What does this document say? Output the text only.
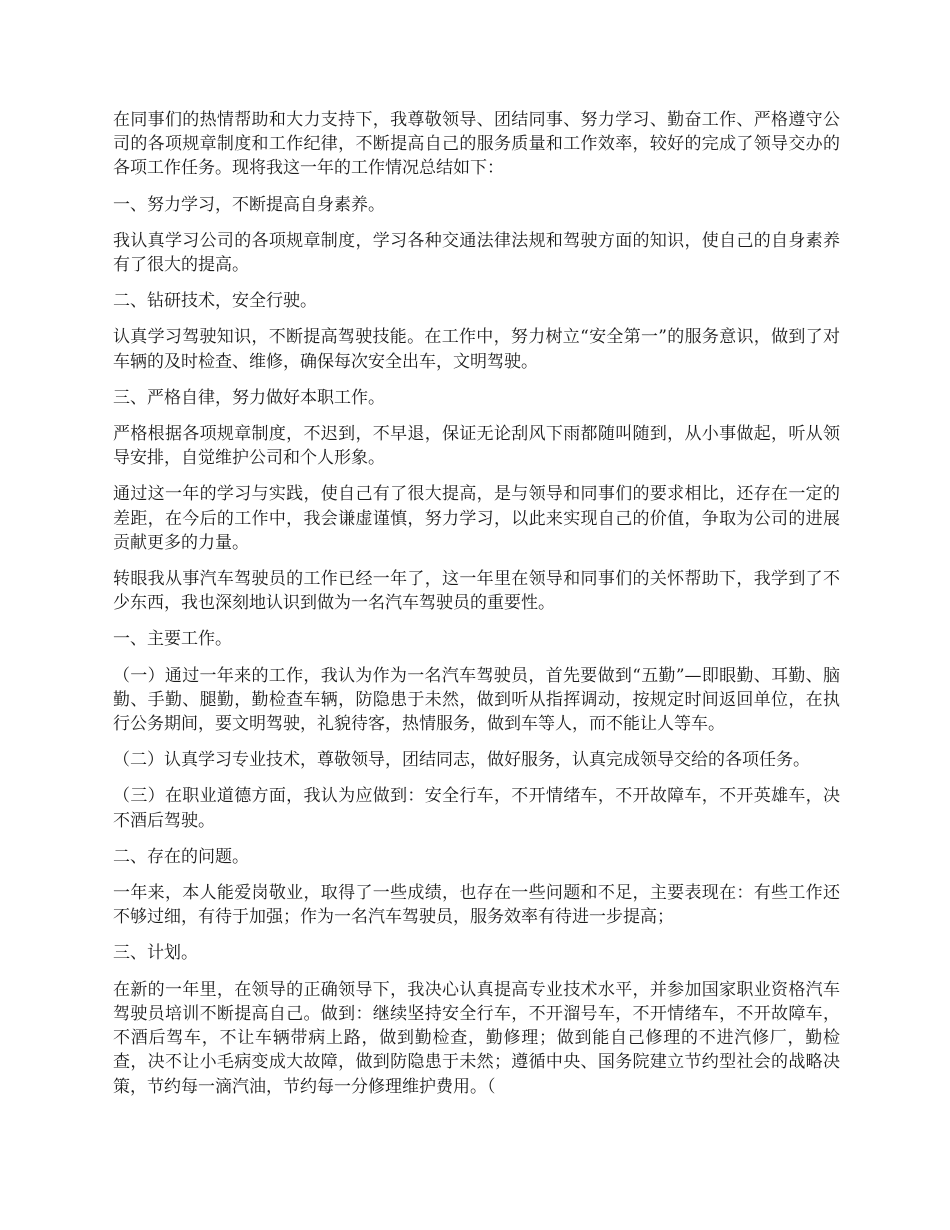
在同事们的热情帮助和大力支持下，我尊敬领导、团结同事、努力学习、勤奋工作、严格遵守公司的各项规章制度和工作纪律，不断提高自己的服务质量和工作效率，较好的完成了领导交办的各项工作任务。现将我这一年的工作情况总结如下：

一、努力学习，不断提高自身素养。

我认真学习公司的各项规章制度，学习各种交通法律法规和驾驶方面的知识，使自己的自身素养有了很大的提高。

二、钻研技术，安全行驶。

认真学习驾驶知识，不断提高驾驶技能。在工作中，努力树立“安全第一”的服务意识，做到了对车辆的及时检查、维修，确保每次安全出车，文明驾驶。

三、严格自律，努力做好本职工作。

严格根据各项规章制度，不迟到，不早退，保证无论刮风下雨都随叫随到，从小事做起，听从领导安排，自觉维护公司和个人形象。

通过这一年的学习与实践，使自己有了很大提高，是与领导和同事们的要求相比，还存在一定的差距，在今后的工作中，我会谦虚谨慎，努力学习，以此来实现自己的价值，争取为公司的进展贡献更多的力量。

转眼我从事汽车驾驶员的工作已经一年了，这一年里在领导和同事们的关怀帮助下，我学到了不少东西，我也深刻地认识到做为一名汽车驾驶员的重要性。

一、主要工作。

（一）通过一年来的工作，我认为作为一名汽车驾驶员，首先要做到“五勤”—即眼勤、耳勤、脑勤、手勤、腿勤，勤检查车辆，防隐患于未然，做到听从指挥调动，按规定时间返回单位，在执行公务期间，要文明驾驶，礼貌待客，热情服务，做到车等人，而不能让人等车。

（二）认真学习专业技术，尊敬领导，团结同志，做好服务，认真完成领导交给的各项任务。

（三）在职业道德方面，我认为应做到：安全行车，不开情绪车，不开故障车，不开英雄车，决不酒后驾驶。

二、存在的问题。

一年来，本人能爱岗敬业，取得了一些成绩，也存在一些问题和不足，主要表现在：有些工作还不够过细，有待于加强；作为一名汽车驾驶员，服务效率有待进一步提高；

三、计划。

在新的一年里，在领导的正确领导下，我决心认真提高专业技术水平，并参加国家职业资格汽车驾驶员培训不断提高自己。做到：继续坚持安全行车，不开溜号车，不开情绪车，不开故障车，不酒后驾车，不让车辆带病上路，做到勤检查，勤修理；做到能自己修理的不进汽修厂，勤检查，决不让小毛病变成大故障，做到防隐患于未然；遵循中央、国务院建立节约型社会的战略决策，节约每一滴汽油，节约每一分修理维护费用。（
